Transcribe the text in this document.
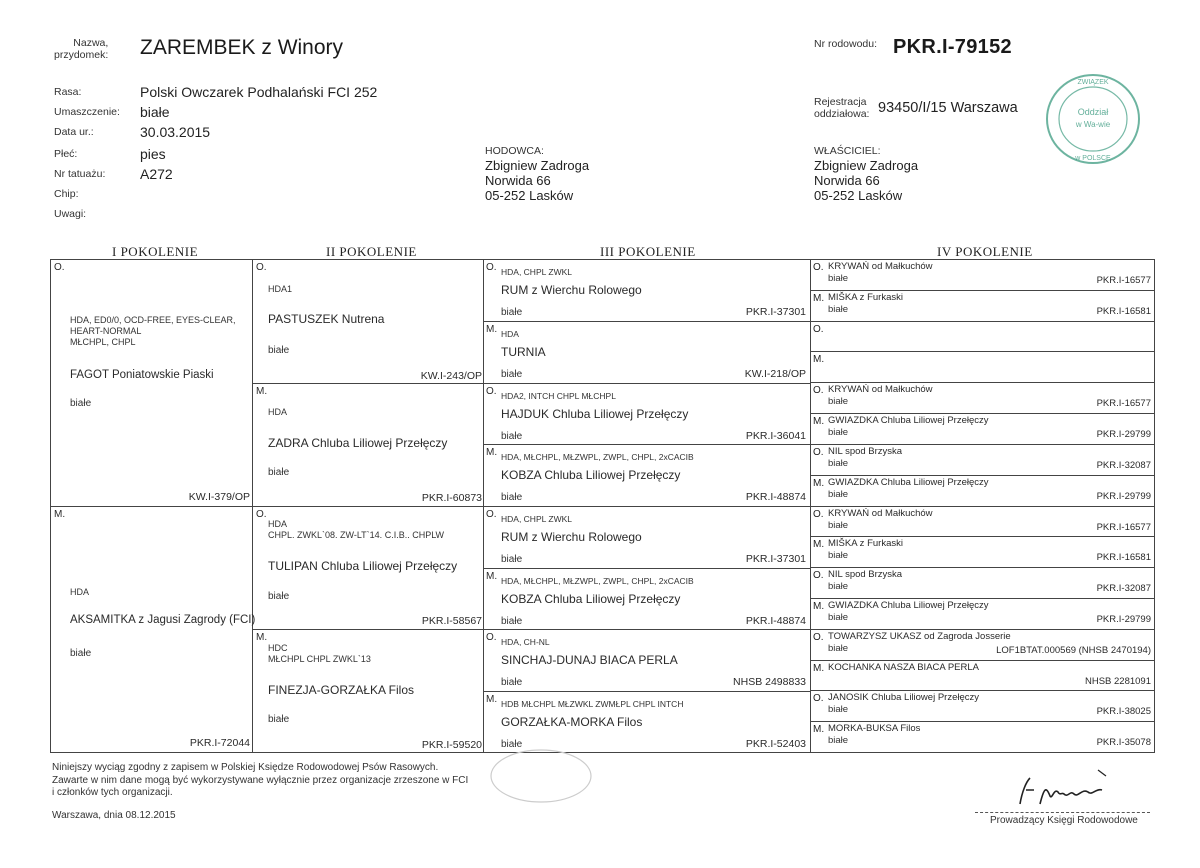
Nazwa,
przydomek: ZAREMBEK z Winory	Nr rodowodu: PKR.I-79152
Rasa:	Polski Owczarek Podhalański FCI 252
Umaszczenie: białe
Data ur.:	30.03.2015
Płeć:	pies
Nr tatuażu: A272
Chip:
Uwagi:
Rejestracja
oddziałowa: 93450/I/15 Warszawa
HODOWCA:
Zbigniew Zadroga
Norwida 66
05-252 Lasków
WŁAŚCICIEL:
Zbigniew Zadroga
Norwida 66
05-252 Lasków
Oddział
w Wa-wie
ZWIĄZEK
w POLSCE
I POKOLENIE	II POKOLENIE	III POKOLENIE	IV POKOLENIE
O.
HDA, ED0/0, OCD-FREE, EYES-CLEAR,
HEART-NORMAL
MŁCHPL, CHPL
FAGOT Poniatowskie Piaski
białe
KW.I-379/OP
M.
HDA
AKSAMITKA z Jagusi Zagrody (FCI)
białe
PKR.I-72044
O.
HDA1
PASTUSZEK Nutrena
białe
KW.I-243/OP
M.
HDA
ZADRA Chluba Liliowej Przełęczy
białe
PKR.I-60873
O.
HDA
CHPL. ZWKL`08. ZW-LT`14. C.I.B.. CHPLW
TULIPAN Chluba Liliowej Przełęczy
białe
PKR.I-58567
M.
HDC
MŁCHPL CHPL ZWKL`13
FINEZJA-GORZAŁKA Filos
białe
PKR.I-59520
O. HDA, CHPL ZWKL
RUM z Wierchu Rolowego
białe	PKR.I-37301
M. HDA
TURNIA
białe	KW.I-218/OP
O. HDA2, INTCH CHPL MŁCHPL
HAJDUK Chluba Liliowej Przełęczy
białe	PKR.I-36041
M. HDA, MŁCHPL, MŁZWPL, ZWPL, CHPL, 2xCACIB
KOBZA Chluba Liliowej Przełęczy
białe	PKR.I-48874
O. HDA, CHPL ZWKL
RUM z Wierchu Rolowego
białe	PKR.I-37301
M. HDA, MŁCHPL, MŁZWPL, ZWPL, CHPL, 2xCACIB
KOBZA Chluba Liliowej Przełęczy
białe	PKR.I-48874
O. HDA, CH-NL
SINCHAJ-DUNAJ BIACA PERLA
białe	NHSB 2498833
M. HDB MŁCHPL MŁZWKL ZWMŁPL CHPL INTCH
GORZAŁKA-MORKA Filos
białe	PKR.I-52403
O. KRYWAŃ od Małkuchów
białe	PKR.I-16577
M. MIŠKA z Furkaski
białe	PKR.I-16581
O.
M.
O. KRYWAŃ od Małkuchów
białe	PKR.I-16577
M. GWIAZDKA Chluba Liliowej Przełęczy
białe	PKR.I-29799
O. NIL spod Brzyska
białe	PKR.I-32087
M. GWIAZDKA Chluba Liliowej Przełęczy
białe	PKR.I-29799
O. KRYWAŃ od Małkuchów
białe	PKR.I-16577
M. MIŠKA z Furkaski
białe	PKR.I-16581
O. NIL spod Brzyska
białe	PKR.I-32087
M. GWIAZDKA Chluba Liliowej Przełęczy
białe	PKR.I-29799
O. TOWARZYSZ UKASZ od Zagroda Josserie
białe	LOF1BTAT.000569 (NHSB 2470194)
M. KOCHANKA NASZA BIACA PERLA
NHSB 2281091
O. JANOSIK Chluba Liliowej Przełęczy
białe	PKR.I-38025
M. MORKA-BUKSA Filos
białe	PKR.I-35078
Niniejszy wyciąg zgodny z zapisem w Polskiej Księdze Rodowodowej Psów Rasowych.
Zawarte w nim dane mogą być wykorzystywane wyłącznie przez organizacje zrzeszone w FCI
i członków tych organizacji.
Warszawa, dnia 08.12.2015	Prowadzący Księgi Rodowodowe
